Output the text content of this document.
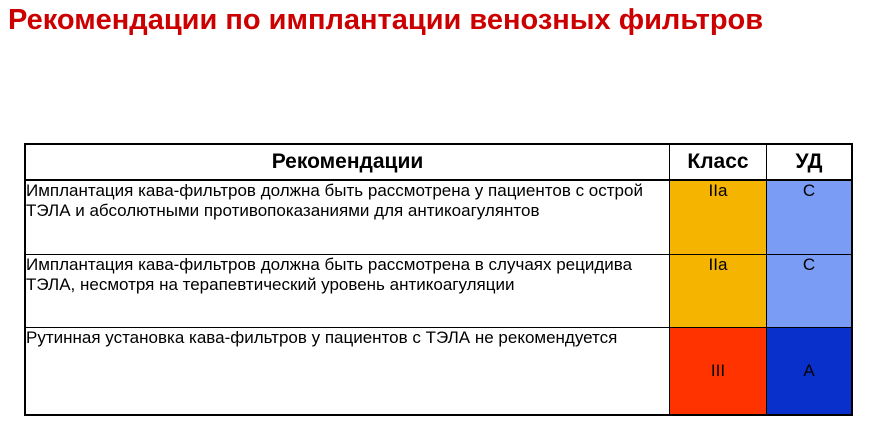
Рекомендации по имплантации венозных фильтров
Рекомендации	Класс	УД
Имплантация кава-фильтров должна быть рассмотрена у пациентов с острой ТЭЛА и абсолютными противопоказаниями для антикоагулянтов	IIa	С
Имплантация кава-фильтров должна быть рассмотрена в случаях рецидива ТЭЛА, несмотря на терапевтический уровень антикоагуляции	IIa	С
Рутинная установка кава-фильтров у пациентов с ТЭЛА не рекомендуется	III	А
